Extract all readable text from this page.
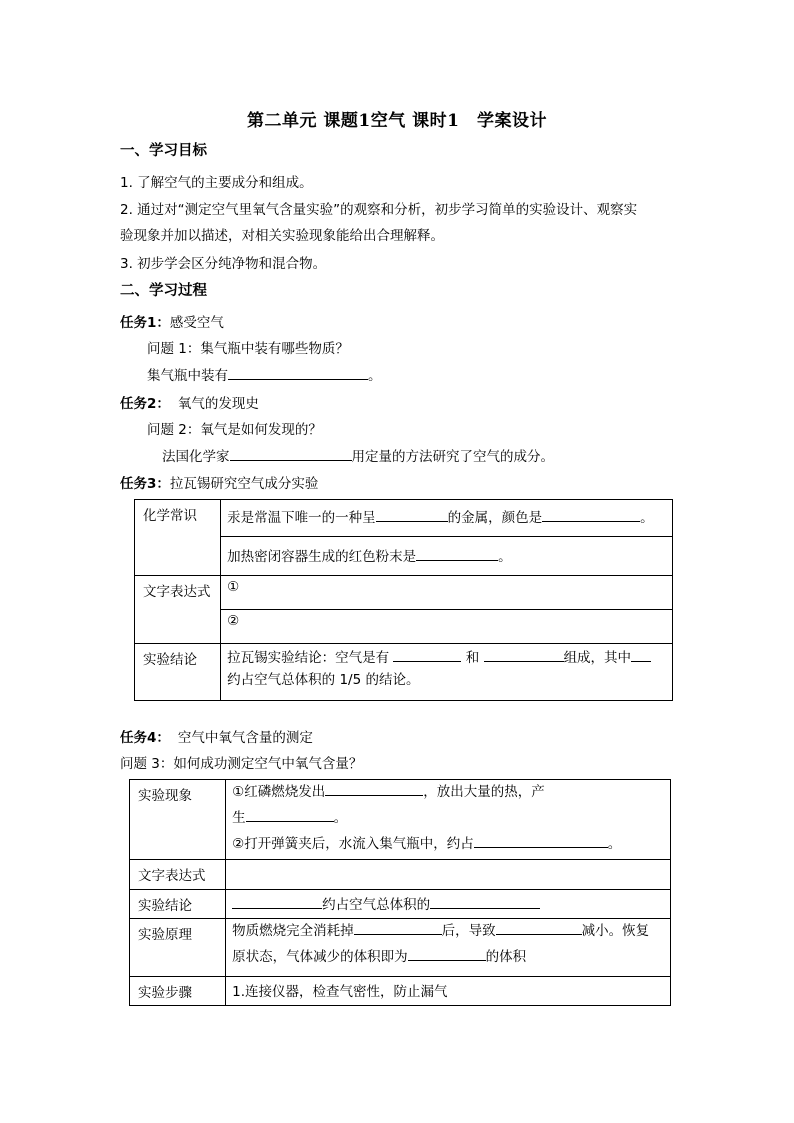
第二单元 课题1空气 课时1　学案设计
一、学习目标
1. 了解空气的主要成分和组成。
2. 通过对“测定空气里氧气含量实验”的观察和分析，初步学习简单的实验设计、观察实
验现象并加以描述，对相关实验现象能给出合理解释。
3. 初步学会区分纯净物和混合物。
二、学习过程
任务1：感受空气
问题 1：集气瓶中装有哪些物质？
集气瓶中装有	。
任务2： 氧气的发现史
问题 2：氧气是如何发现的？
法国化学家	用定量的方法研究了空气的成分。
任务3：拉瓦锡研究空气成分实验
化学常识	汞是常温下唯一的一种呈 的金属，颜色是 。
	加热密闭容器生成的红色粉末是 。
文字表达式	①
	②
实验结论	拉瓦锡实验结论：空气是有 和 组成，其中
约占空气总体积的 1/5 的结论。
任务4： 空气中氧气含量的测定
问题 3：如何成功测定空气中氧气含量？
实验现象	①红磷燃烧发出 ，放出大量的热，产
生 。
②打开弹簧夹后，水流入集气瓶中，约占 。

文字表达式	
实验结论	约占空气总体积的
实验原理	物质燃烧完全消耗掉 后，导致 减小。恢复
原状态，气体减少的体积即为 的体积

实验步骤	1.连接仪器，检查气密性，防止漏气
